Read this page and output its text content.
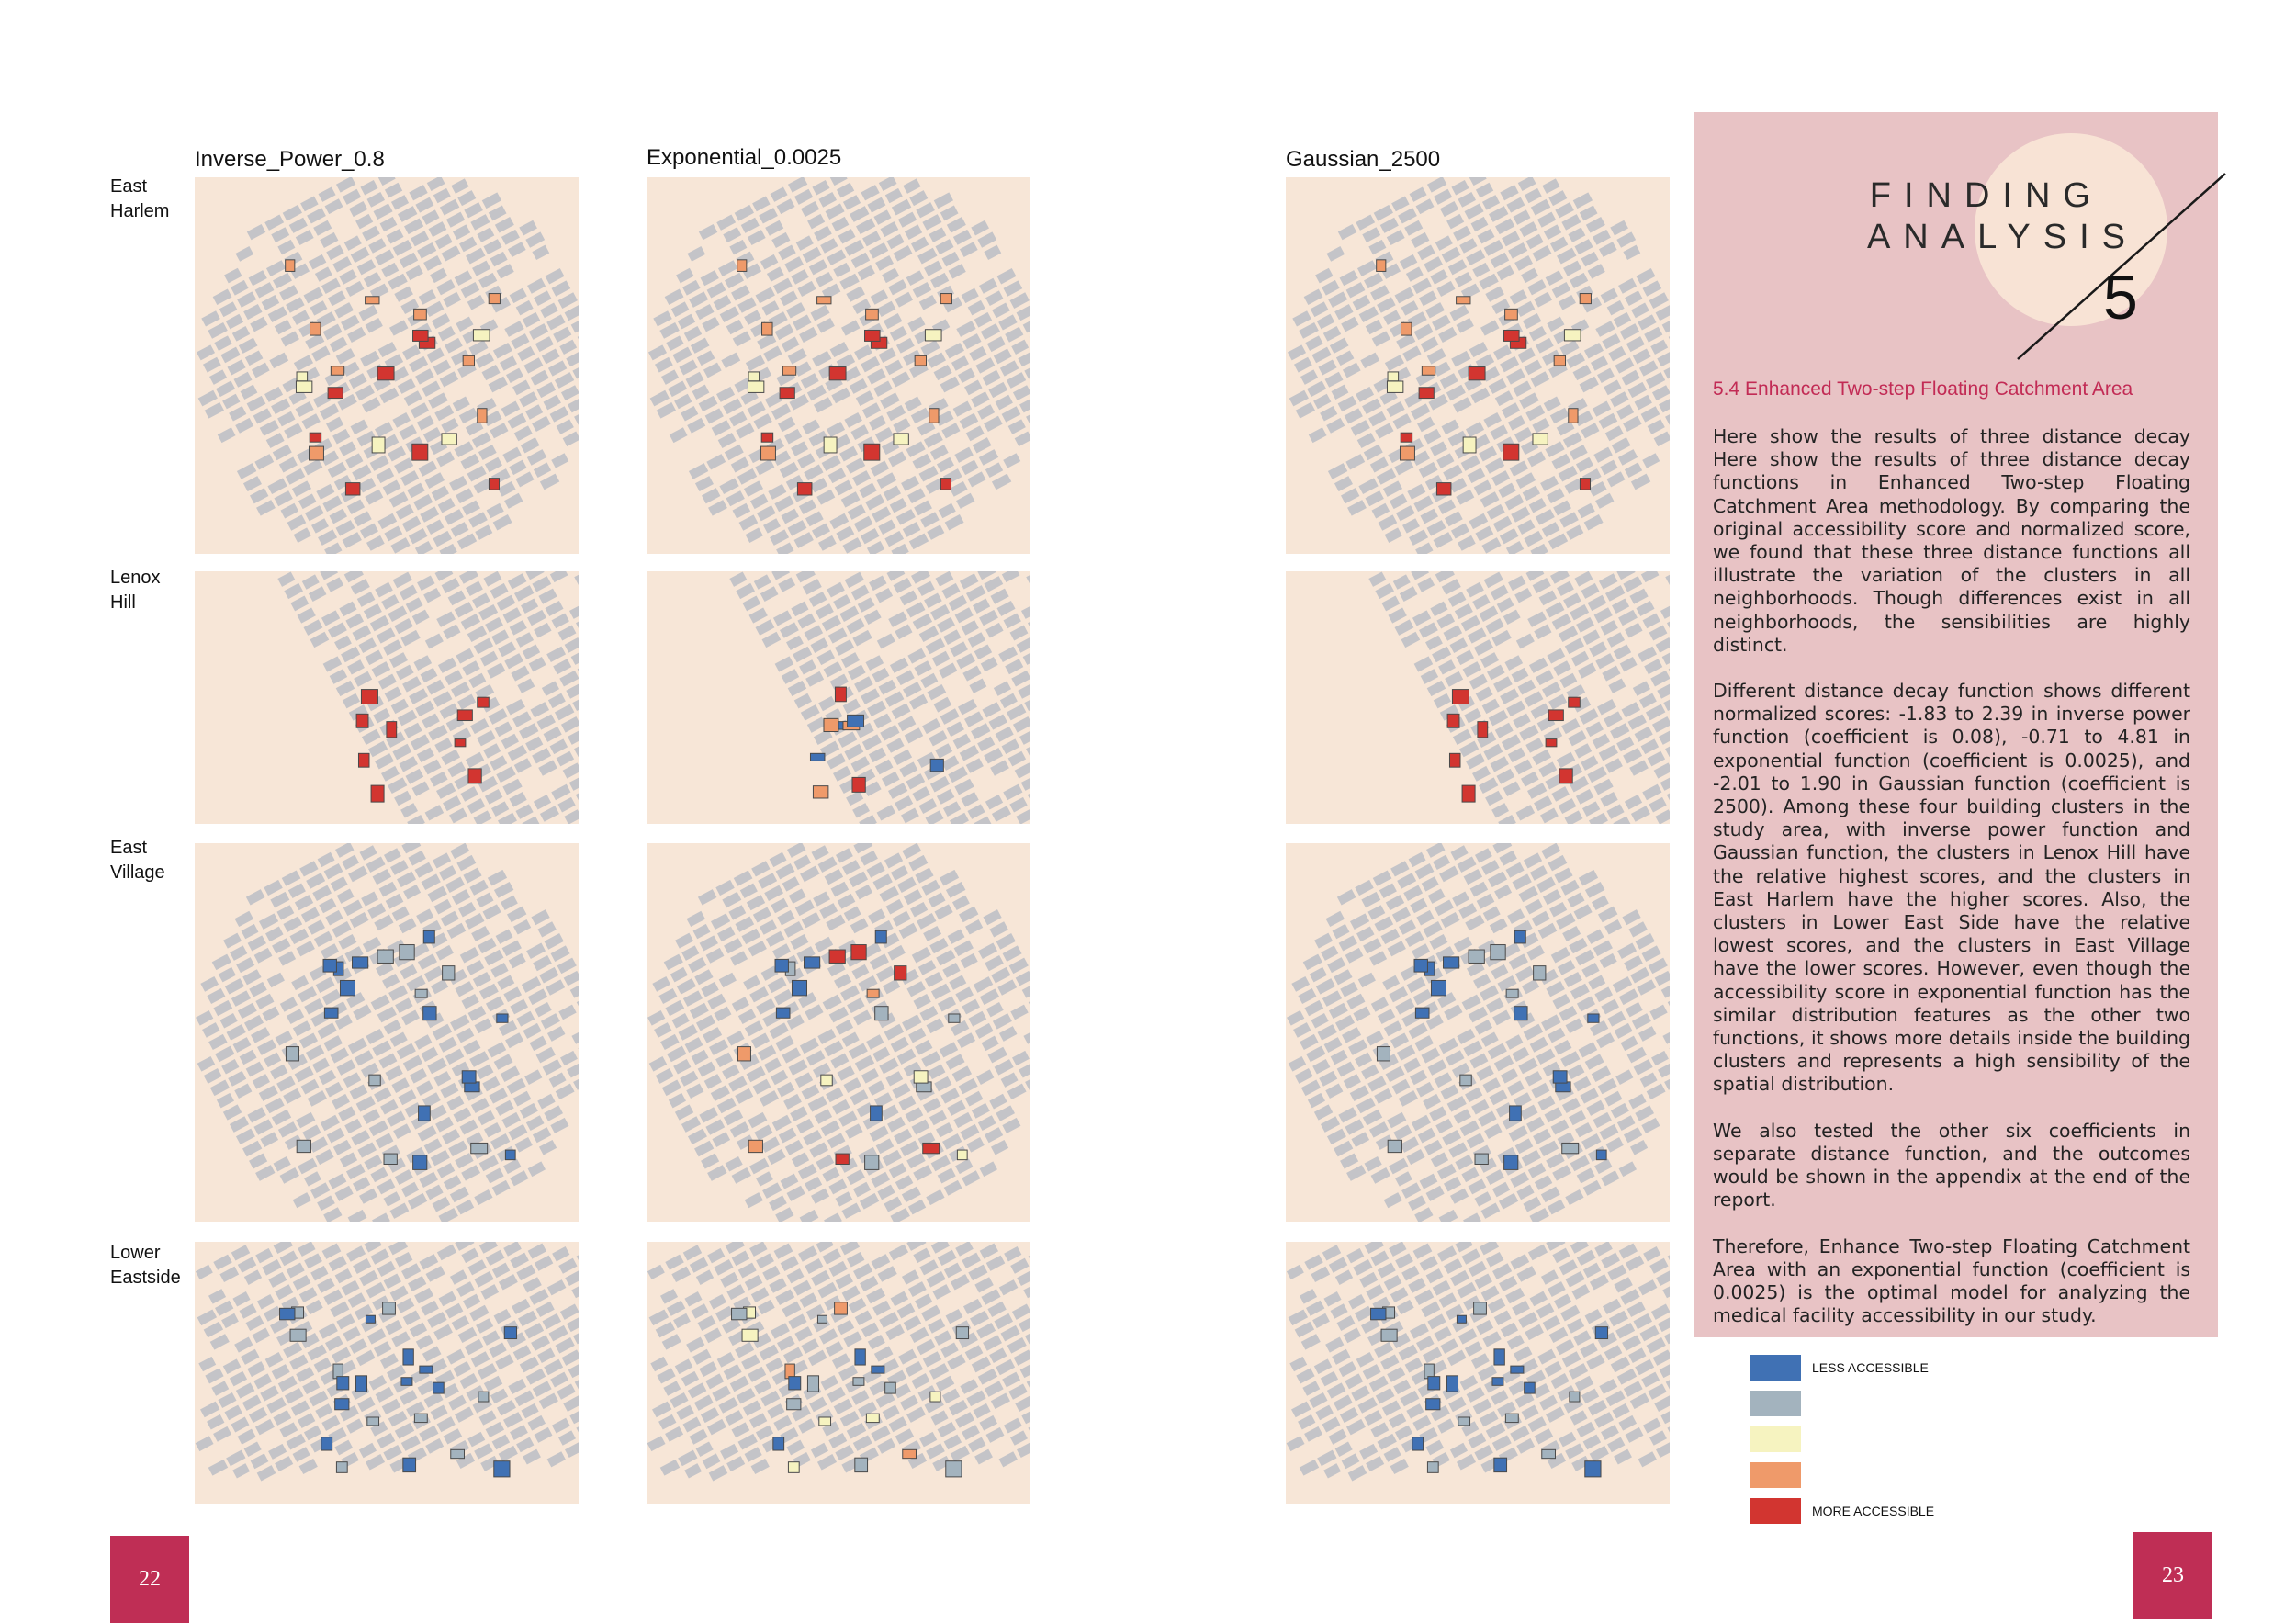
Inverse_Power_0.8	Exponential_0.0025	Gaussian_2500
East
Harlem
Lenox
Hill
East
Village
Lower
Eastside
FINDING
ANALYSIS
5
5.4 Enhanced Two-step Floating Catchment Area

Here show the results of three distance decay Here show the results of three distance decay functions in Enhanced Two-step Floating Catchment Area methodology. By comparing the original accessibility score and normalized score, we found that these three distance functions all illustrate the variation of the clusters in all neighborhoods. Though differences exist in all neighborhoods, the sensibilities are highly distinct.

Different distance decay function shows different normalized scores: -1.83 to 2.39 in inverse power function (coefficient is 0.08), -0.71 to 4.81 in exponential function (coefficient is 0.0025), and -2.01 to 1.90 in Gaussian function (coefficient is 2500). Among these four building clusters in the study area, with inverse power function and Gaussian function, the clusters in Lenox Hill have the relative highest scores, and the clusters in East Harlem have the higher scores. Also, the clusters in Lower East Side have the relative lowest scores, and the clusters in East Village have the lower scores. However, even though the accessibility score in exponential function has the similar distribution features as the other two functions, it shows more details inside the building clusters and represents a high sensibility of the spatial distribution.

We also tested the other six coefficients in separate distance function, and the outcomes would be shown in the appendix at the end of the report.

Therefore, Enhance Two-step Floating Catchment Area with an exponential function (coefficient is 0.0025) is the optimal model for analyzing the medical facility accessibility in our study.

LESS ACCESSIBLE
MORE ACCESSIBLE
22	23
